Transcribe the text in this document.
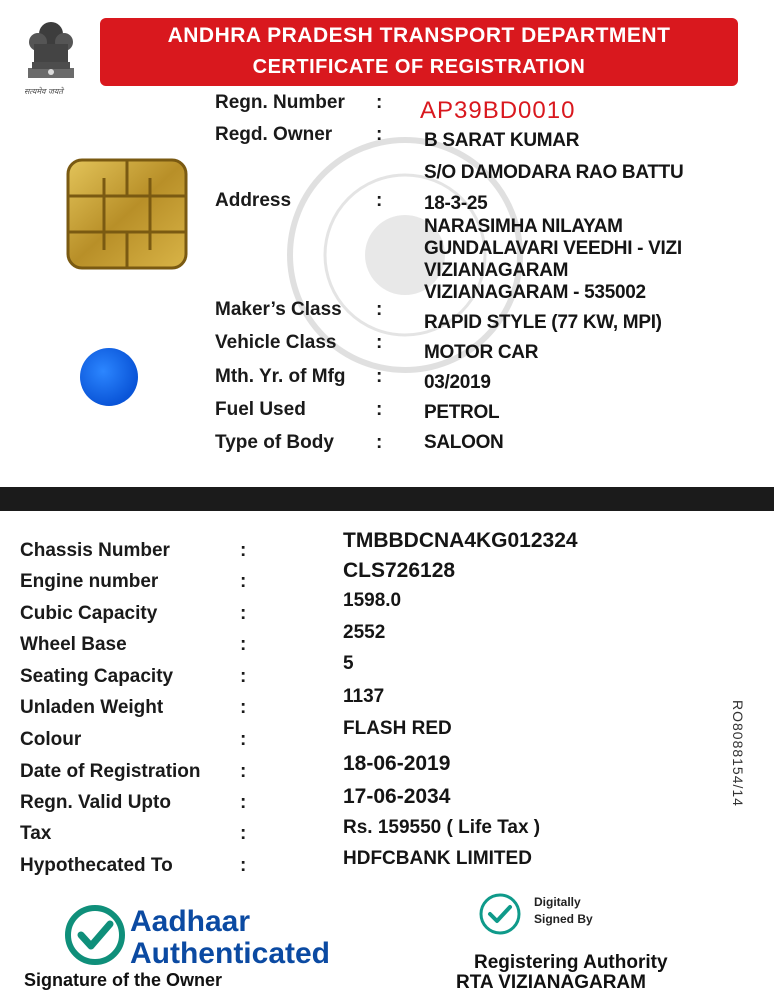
सत्यमेव जयते
ANDHRA PRADESH TRANSPORT DEPARTMENT
CERTIFICATE OF REGISTRATION
Regn. Number : AP39BD0010
Regd. Owner : B SARAT KUMAR
S/O DAMODARA RAO BATTU
Address	: 18-3-25
NARASIMHA NILAYAM
GUNDALAVARI VEEDHI - VIZI
VIZIANAGARAM
VIZIANAGARAM - 535002
Maker’s Class :
RAPID STYLE (77 KW, MPI)
Vehicle Class : MOTOR CAR
Mth. Yr. of Mfg : 03/2019
Fuel Used	: PETROL
Type of Body : SALOON
Chassis Number	:	TMBBDCNA4KG012324
Engine number	:	CLS726128
Cubic Capacity	:
1598.0
Wheel Base	:
2552
Seating Capacity	:
5
Unladen Weight	:
1137
Colour	:
FLASH RED
Date of Registration :	18-06-2019
Regn. Valid Upto	:	17-06-2034
Tax	:	Rs. 159550 ( Life Tax )
Hypothecated To	:	HDFCBANK LIMITED
RO8088154/14
Aadhaar
Authenticated
Signature of the Owner
Digitally
Signed By
Registering Authority
RTA VIZIANAGARAM
